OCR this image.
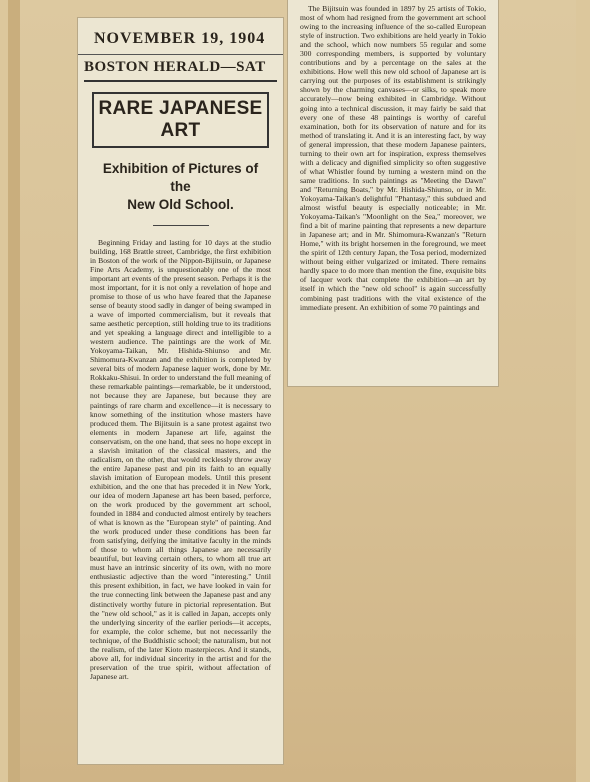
NOVEMBER 19, 1904
BOSTON HERALD—SAT
RARE JAPANESE ART
Exhibition of Pictures of the
New Old School.

Beginning Friday and lasting for 10 days at the studio building, 168 Brattle street, Cambridge, the first exhibition in Boston of the work of the Nippon-Bijitsuin, or Japanese Fine Arts Academy, is unquestionably one of the most important art events of the present season. Perhaps it is the most important, for it is not only a revelation of hope and promise to those of us who have feared that the Japanese sense of beauty stood sadly in danger of being swamped in a wave of imported commercialism, but it reveals that same aesthetic perception, still holding true to its traditions and yet speaking a language direct and intelligible to a western audience. The paintings are the work of Mr. Yokoyama-Taikan, Mr. Hishida-Shiunso and Mr. Shimomura-Kwanzan and the exhibition is completed by several bits of modern Japanese laquer work, done by Mr. Rokkaku-Shisui. In order to understand the full meaning of these remarkable paintings—remarkable, be it understood, not because they are Japanese, but because they are paintings of rare charm and excellence—it is necessary to know something of the institution whose masters have produced them. The Bijitsuin is a sane protest against two elements in modern Japanese art life, against the conservatism, on the one hand, that sees no hope except in a slavish imitation of the classical masters, and the radicalism, on the other, that would recklessly throw away the entire Japanese past and pin its faith to an equally slavish imitation of European models. Until this present exhibition, and the one that has preceded it in New York, our idea of modern Japanese art has been based, perforce, on the work produced by the government art school, founded in 1884 and conducted almost entirely by teachers of what is known as the "European style" of painting. And the work produced under these conditions has been far from satisfying, deifying the imitative faculty in the minds of those to whom all things Japanese are necessarily beautiful, but leaving certain others, to whom all true art must have an intrinsic sincerity of its own, with no more enthusiastic adjective than the word "interesting." Until this present exhibition, in fact, we have looked in vain for the true connecting link between the Japanese past and any distinctively worthy future in pictorial representation. But the "new old school," as it is called in Japan, accepts only the underlying sincerity of the earlier periods—it accepts, for example, the color scheme, but not necessarily the technique, of the Buddhistic school; the naturalism, but not the realism, of the later Kioto masterpieces. And it stands, above all, for individual sincerity in the artist and for the preservation of the true spirit, without affectation of Japanese art.

The Bijitsuin was founded in 1897 by 25 artists of Tokio, most of whom had resigned from the government art school owing to the increasing influence of the so-called European style of instruction. Two exhibitions are held yearly in Tokio and the school, which now numbers 55 regular and some 300 corresponding members, is supported by voluntary contributions and by a percentage on the sales at the exhibitions. How well this new old school of Japanese art is carrying out the purposes of its establishment is strikingly shown by the charming canvases—or silks, to speak more accurately—now being exhibited in Cambridge. Without going into a technical discussion, it may fairly be said that every one of these 48 paintings is worthy of careful examination, both for its observation of nature and for its method of translating it. And it is an interesting fact, by way of general impression, that these modern Japanese painters, turning to their own art for inspiration, express themselves with a delicacy and dignified simplicity so often suggestive of what Whistler found by turning a western mind on the same traditions. In such paintings as "Meeting the Dawn" and "Returning Boats," by Mr. Hishida-Shiunso, or in Mr. Yokoyama-Taikan's delightful "Phantasy," this subdued and almost wistful beauty is especially noticeable; in Mr. Yokoyama-Taikan's "Moonlight on the Sea," moreover, we find a bit of marine painting that represents a new departure in Japanese art; and in Mr. Shimomura-Kwanzan's "Return Home," with its bright horsemen in the foreground, we meet the spirit of 12th century Japan, the Tosa period, modernized without being either vulgarized or imitated. There remains hardly space to do more than mention the fine, exquisite bits of lacquer work that complete the exhibition—an art by itself in which the "new old school" is again successfully combining past traditions with the vital existence of the immediate present. An exhibition of some 70 paintings and
